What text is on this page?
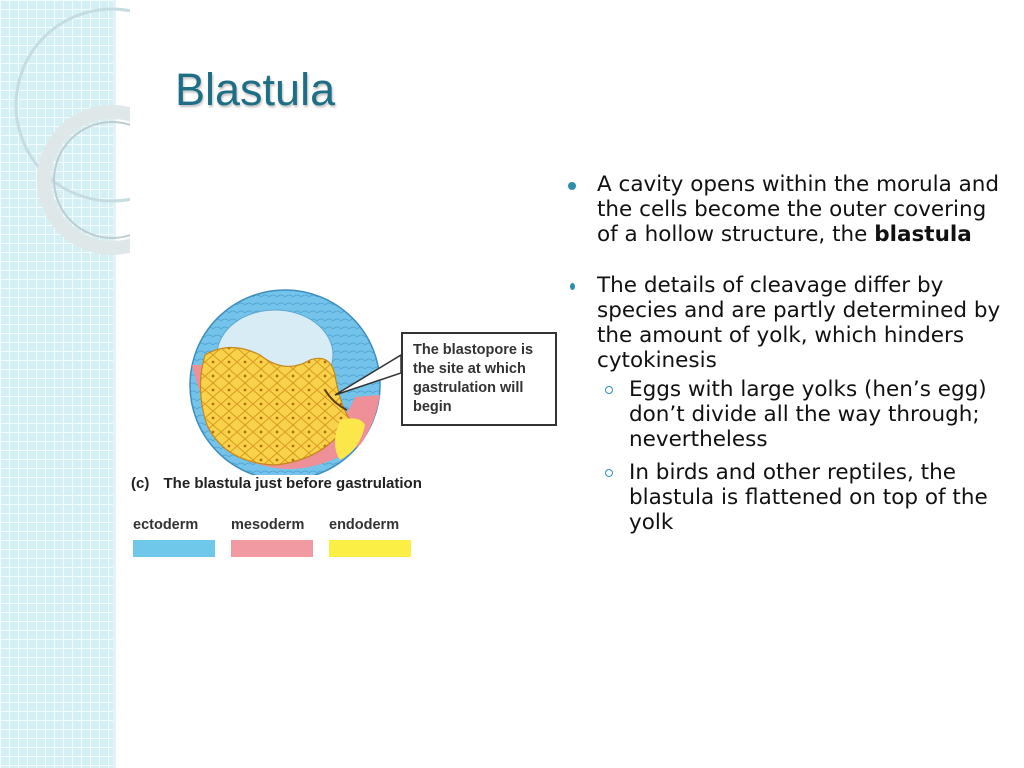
Blastula
The blastopore is the site at which gastrulation will begin
(c) The blastula just before gastrulation
ectoderm	mesoderm	endoderm
A cavity opens within the morula and the cells become the outer covering of a hollow structure, the blastula
The details of cleavage differ by species and are partly determined by the amount of yolk, which hinders cytokinesis
Eggs with large yolks (hen’s egg) don’t divide all the way through; nevertheless
In birds and other reptiles, the blastula is flattened on top of the yolk
